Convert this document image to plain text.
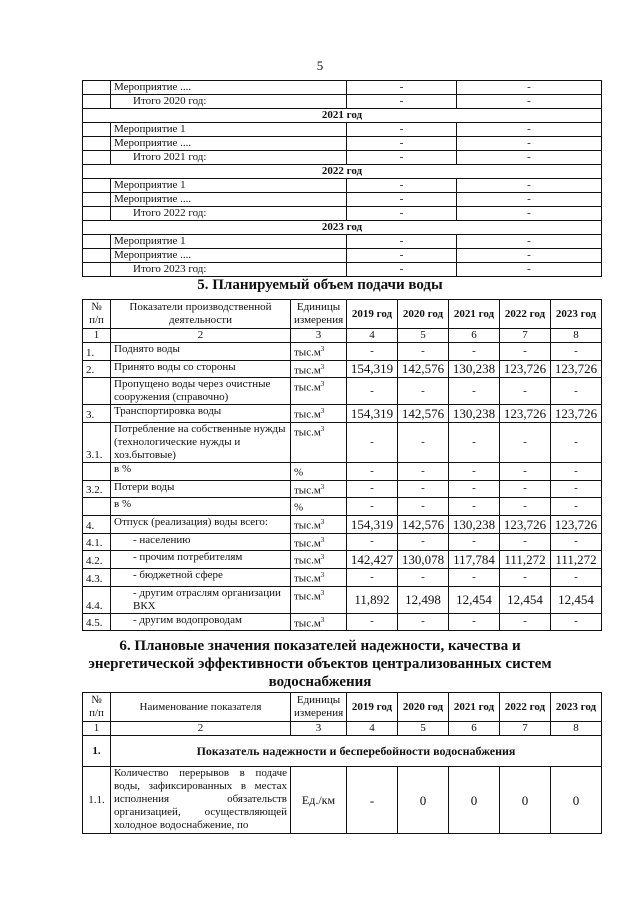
5
	Мероприятие ....	-	-
	Итого 2020 год:	-	-
2021 год			
	Мероприятие 1	-	-
	Мероприятие ....	-	-
	Итого 2021 год:	-	-
2022 год			
	Мероприятие 1	-	-
	Мероприятие ....	-	-
	Итого 2022 год:	-	-
2023 год			
	Мероприятие 1	-	-
	Мероприятие ....	-	-
	Итого 2023 год:	-	-
5. Планируемый объем подачи воды
№ п/п	Показатели производственной деятельности	Единицы измерения	2019 год	2020 год	2021 год	2022 год	2023 год
1	2	3	4	5	6	7	8
1.	Поднято воды	$тыс.м^3$	-	-	-	-	-
2.	Принято воды со стороны	$тыс.м^3$	154,319	142,576	130,238	123,726	123,726
	Пропущено воды через очистные сооружения (справочно)	$тыс.м^3$	-	-	-	-	-
3.	Транспортировка воды	$тыс.м^3$	154,319	142,576	130,238	123,726	123,726
3.1.	Потребление на собственные нужды (технологические нужды и хоз.бытовые)	$тыс.м^3$	-	-	-	-	-
	в %	%	-	-	-	-	-
3.2.	Потери воды	$тыс.м^3$	-	-	-	-	-
	в %	%	-	-	-	-	-
4.	Отпуск (реализация) воды всего:	$тыс.м^3$	154,319	142,576	130,238	123,726	123,726
4.1.	- населению	$тыс.м^3$	-	-	-	-	-
4.2.	- прочим потребителям	$тыс.м^3$	142,427	130,078	117,784	111,272	111,272
4.3.	- бюджетной сфере	$тыс.м^3$	-	-	-	-	-
4.4.	- другим отраслям организации ВКХ	$тыс.м^3$	11,892	12,498	12,454	12,454	12,454
4.5.	- другим водопроводам	$тыс.м^3$	-	-	-	-	-
6. Плановые значения показателей надежности, качества и
энергетической эффективности объектов централизованных систем
водоснабжения
№ п/п	Наименование показателя	Единицы измерения	2019 год	2020 год	2021 год	2022 год	2023 год
1	2	3	4	5	6	7	8
1.	Показатель надежности и бесперебойности водоснабжения						
1.1.	Количество перерывов в подаче воды, зафиксированных в местах исполнения обязательств организацией, осуществляющей холодное водоснабжение, по	Ед./км	-	0	0	0	0
